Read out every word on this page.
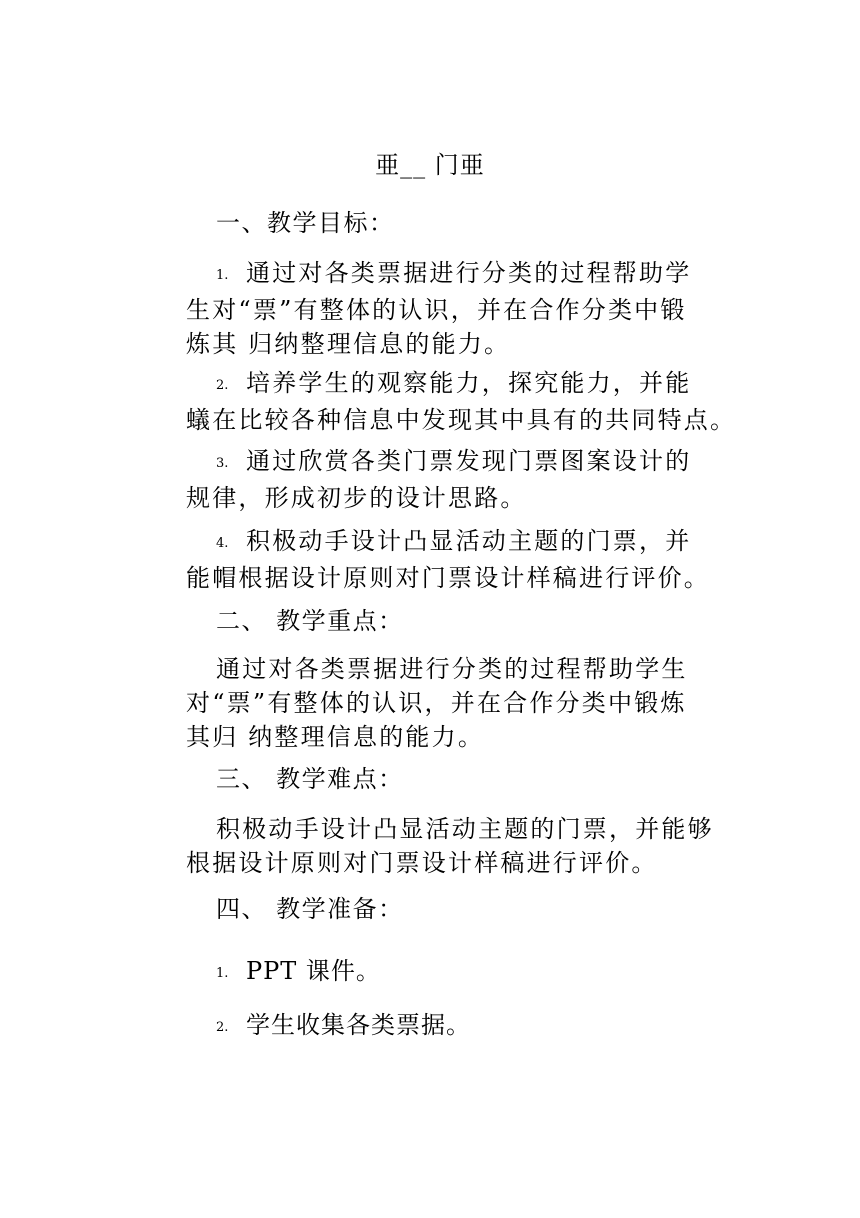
亜__ 门亜
一、教学目标：
1. 通过对各类票据进行分类的过程帮助学
生对“票”有整体的认识，并在合作分类中锻
炼其 归纳整理信息的能力。
2. 培养学生的观察能力，探究能力，并能
蟻在比较各种信息中发现其中具有的共同特点。
3. 通过欣赏各类门票发现门票图案设计的
规律，形成初步的设计思路。
4. 积极动手设计凸显活动主题的门票，并
能帽根据设计原则对门票设计样稿进行评价。
二、 教学重点：
通过对各类票据进行分类的过程帮助学生
对“票”有整体的认识，并在合作分类中锻炼
其归 纳整理信息的能力。
三、 教学难点：
积极动手设计凸显活动主题的门票，并能够
根据设计原则对门票设计样稿进行评价。
四、 教学准备：
1. PPT 课件。
2. 学生收集各类票据。
